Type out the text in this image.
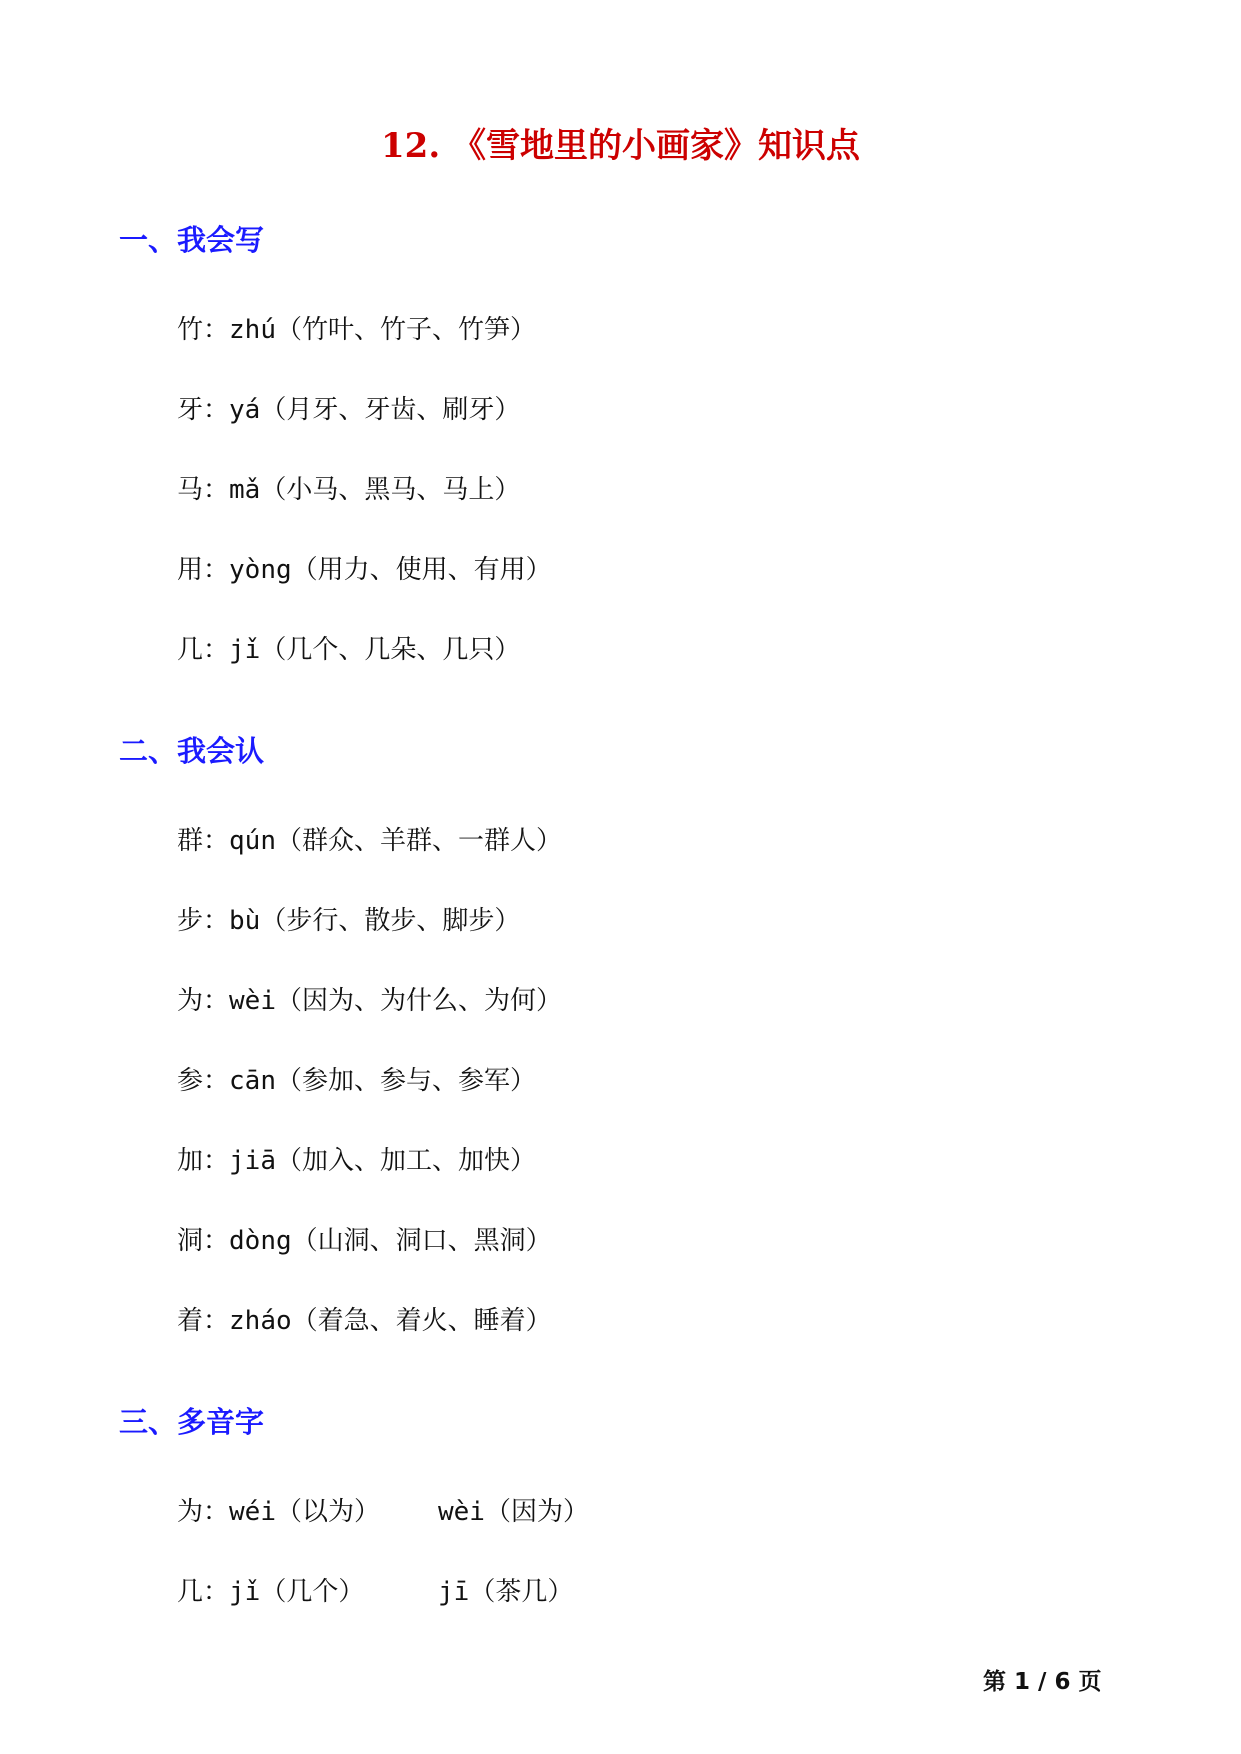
12. 《雪地里的小画家》知识点
一、我会写
竹：zhú（竹叶、竹子、竹笋）
牙：yá（月牙、牙齿、刷牙）
马：mǎ（小马、黑马、马上）
用：yòng（用力、使用、有用）
几：jǐ（几个、几朵、几只）
二、我会认
群：qún（群众、羊群、一群人）
步：bù（步行、散步、脚步）
为：wèi（因为、为什么、为何）
参：cān（参加、参与、参军）
加：jiā（加入、加工、加快）
洞：dòng（山洞、洞口、黑洞）
着：zháo（着急、着火、睡着）
三、多音字
为：wéi（以为） wèi（因为）
几：jǐ（几个）	jī（茶几）
第 1 / 6 页
